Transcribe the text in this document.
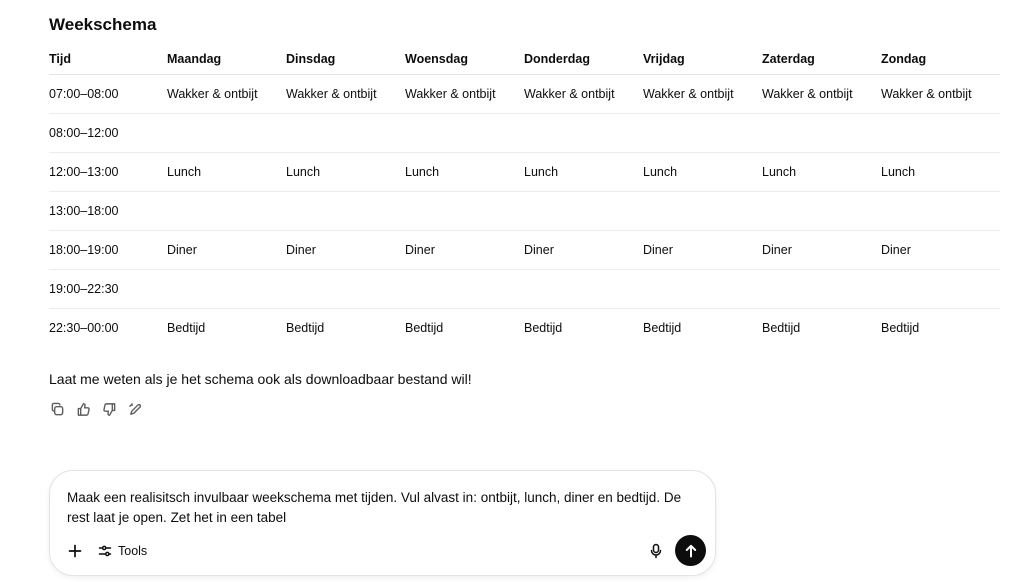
Weekschema
Tijd	Maandag	Dinsdag	Woensdag	Donderdag	Vrijdag	Zaterdag	Zondag
07:00–08:00	Wakker & ontbijt	Wakker & ontbijt	Wakker & ontbijt	Wakker & ontbijt	Wakker & ontbijt	Wakker & ontbijt	Wakker & ontbijt
08:00–12:00							
12:00–13:00	Lunch	Lunch	Lunch	Lunch	Lunch	Lunch	Lunch
13:00–18:00							
18:00–19:00	Diner	Diner	Diner	Diner	Diner	Diner	Diner
19:00–22:30							
22:30–00:00	Bedtijd	Bedtijd	Bedtijd	Bedtijd	Bedtijd	Bedtijd	Bedtijd

Laat me weten als je het schema ook als downloadbaar bestand wil!

Maak een realisitsch invulbaar weekschema met tijden. Vul alvast in: ontbijt, lunch, diner en bedtijd. De rest laat je open. Zet het in een tabel

Tools
